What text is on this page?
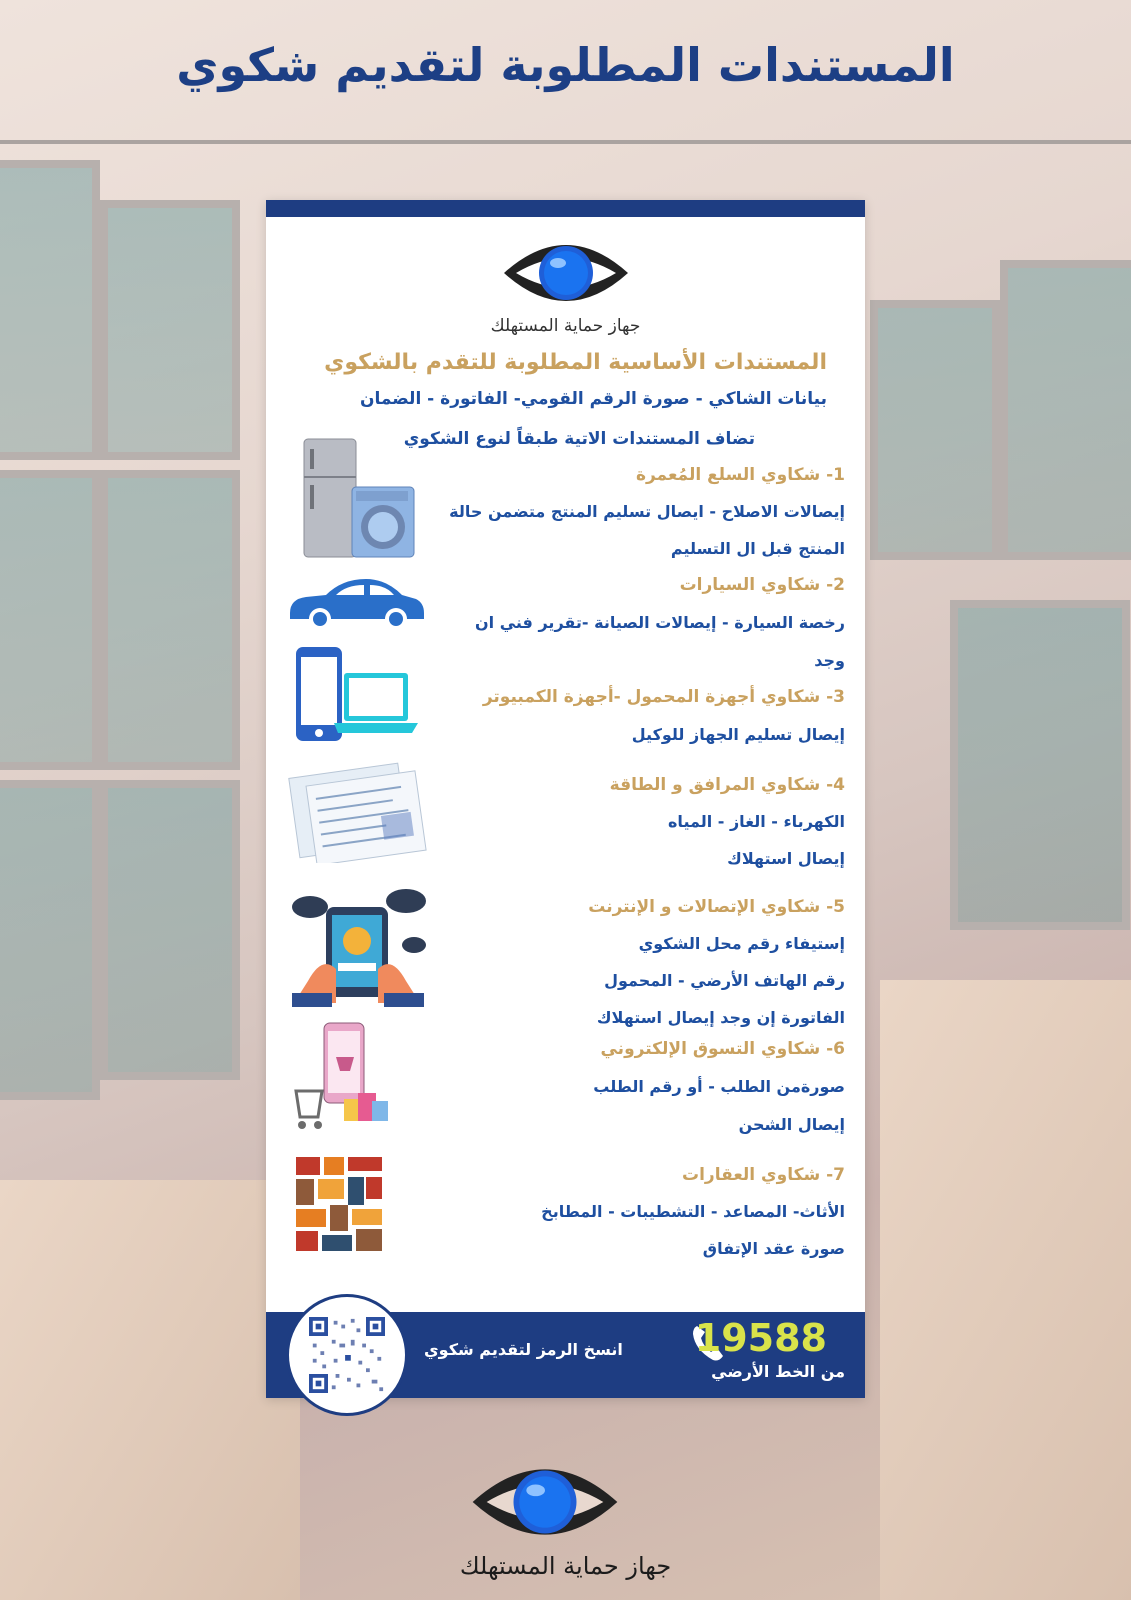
المستندات المطلوبة لتقديم شكوي
جهاز حماية المستهلك
المستندات الأساسية المطلوبة للتقدم بالشكوي
بيانات الشاكي - صورة الرقم القومي- الفاتورة - الضمان
تضاف المستندات الاتية طبقاً لنوع الشكوي
1- شكاوي السلع المُعمرة
إيصالات الاصلاح - ايصال تسليم المنتج متضمن حالة
المنتج قبل ال التسليم
2- شكاوي السيارات
رخصة السيارة - إيصالات الصيانة -تقرير فني ان
وجد
3- شكاوي أجهزة المحمول -أجهزة الكمبيوتر
إيصال تسليم الجهاز للوكيل
4- شكاوي المرافق و الطاقة
الكهرباء - الغاز - المياه
إيصال استهلاك
5- شكاوي الإتصالات و الإنترنت
إستيفاء رقم محل الشكوي
رقم الهاتف الأرضي - المحمول
الفاتورة إن وجد إيصال استهلاك
6- شكاوي التسوق الإلكتروني
صورةمن الطلب - أو رقم الطلب
إيصال الشحن
7- شكاوي العقارات
الأثاث- المصاعد - التشطيبات - المطابخ
صورة عقد الإتفاق
انسخ الرمز لتقديم شكوي 19588
من الخط الأرضي
جهاز حماية المستهلك
